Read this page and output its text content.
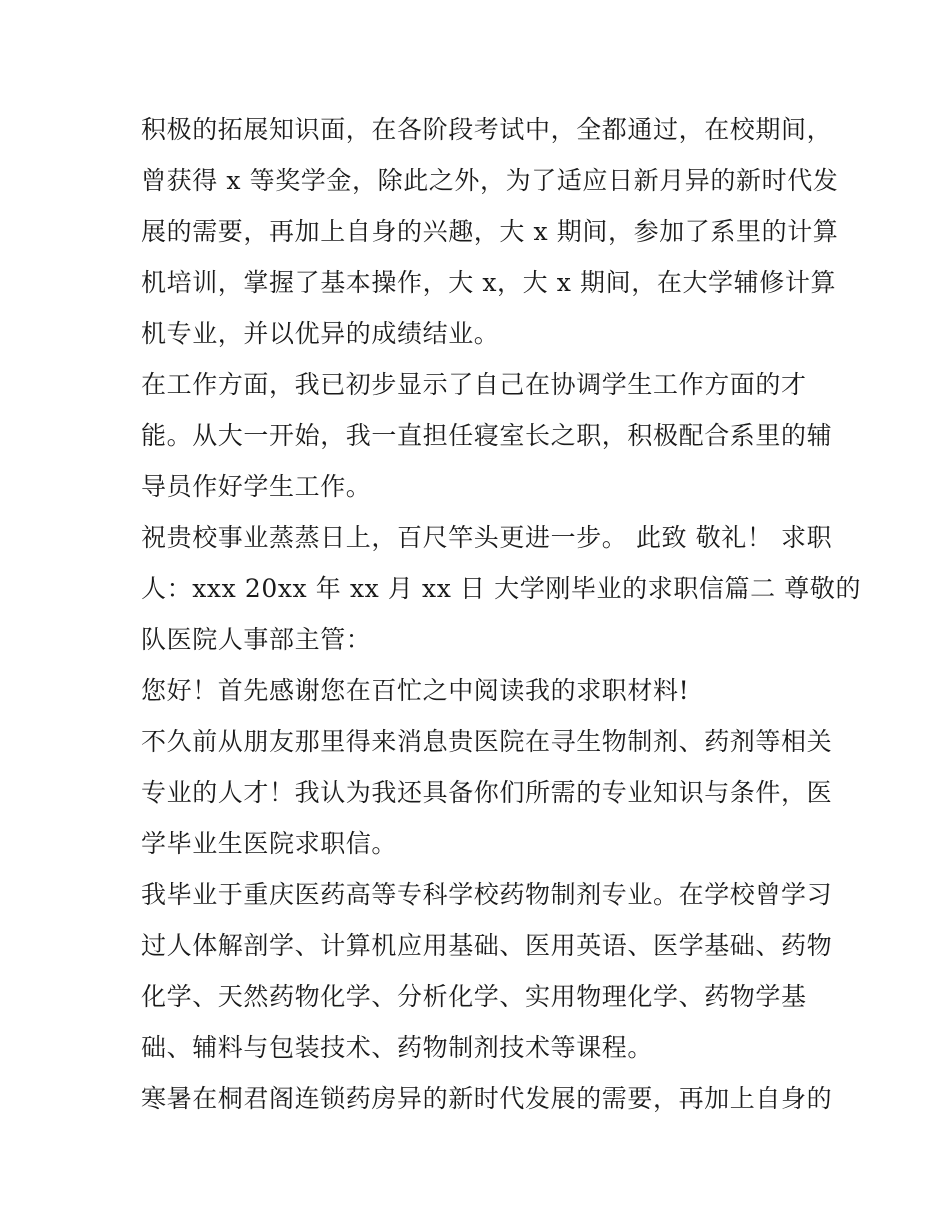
积极的拓展知识面，在各阶段考试中，全都通过，在校期间，
曾获得 x 等奖学金，除此之外，为了适应日新月异的新时代发
展的需要，再加上自身的兴趣，大 x 期间，参加了系里的计算
机培训，掌握了基本操作，大 x，大 x 期间，在大学辅修计算
机专业，并以优异的成绩结业。
在工作方面，我已初步显示了自己在协调学生工作方面的才
能。从大一开始，我一直担任寝室长之职，积极配合系里的辅
导员作好学生工作。
祝贵校事业蒸蒸日上，百尺竿头更进一步。 此致 敬礼！ 求职
人：xxx 20xx 年 xx 月 xx 日 大学刚毕业的求职信篇二 尊敬的
队医院人事部主管：
您好！首先感谢您在百忙之中阅读我的求职材料!
不久前从朋友那里得来消息贵医院在寻生物制剂、药剂等相关
专业的人才！我认为我还具备你们所需的专业知识与条件，医
学毕业生医院求职信。
我毕业于重庆医药高等专科学校药物制剂专业。在学校曾学习
过人体解剖学、计算机应用基础、医用英语、医学基础、药物
化学、天然药物化学、分析化学、实用物理化学、药物学基
础、辅料与包装技术、药物制剂技术等课程。
寒暑在桐君阁连锁药房异的新时代发展的需要，再加上自身的
